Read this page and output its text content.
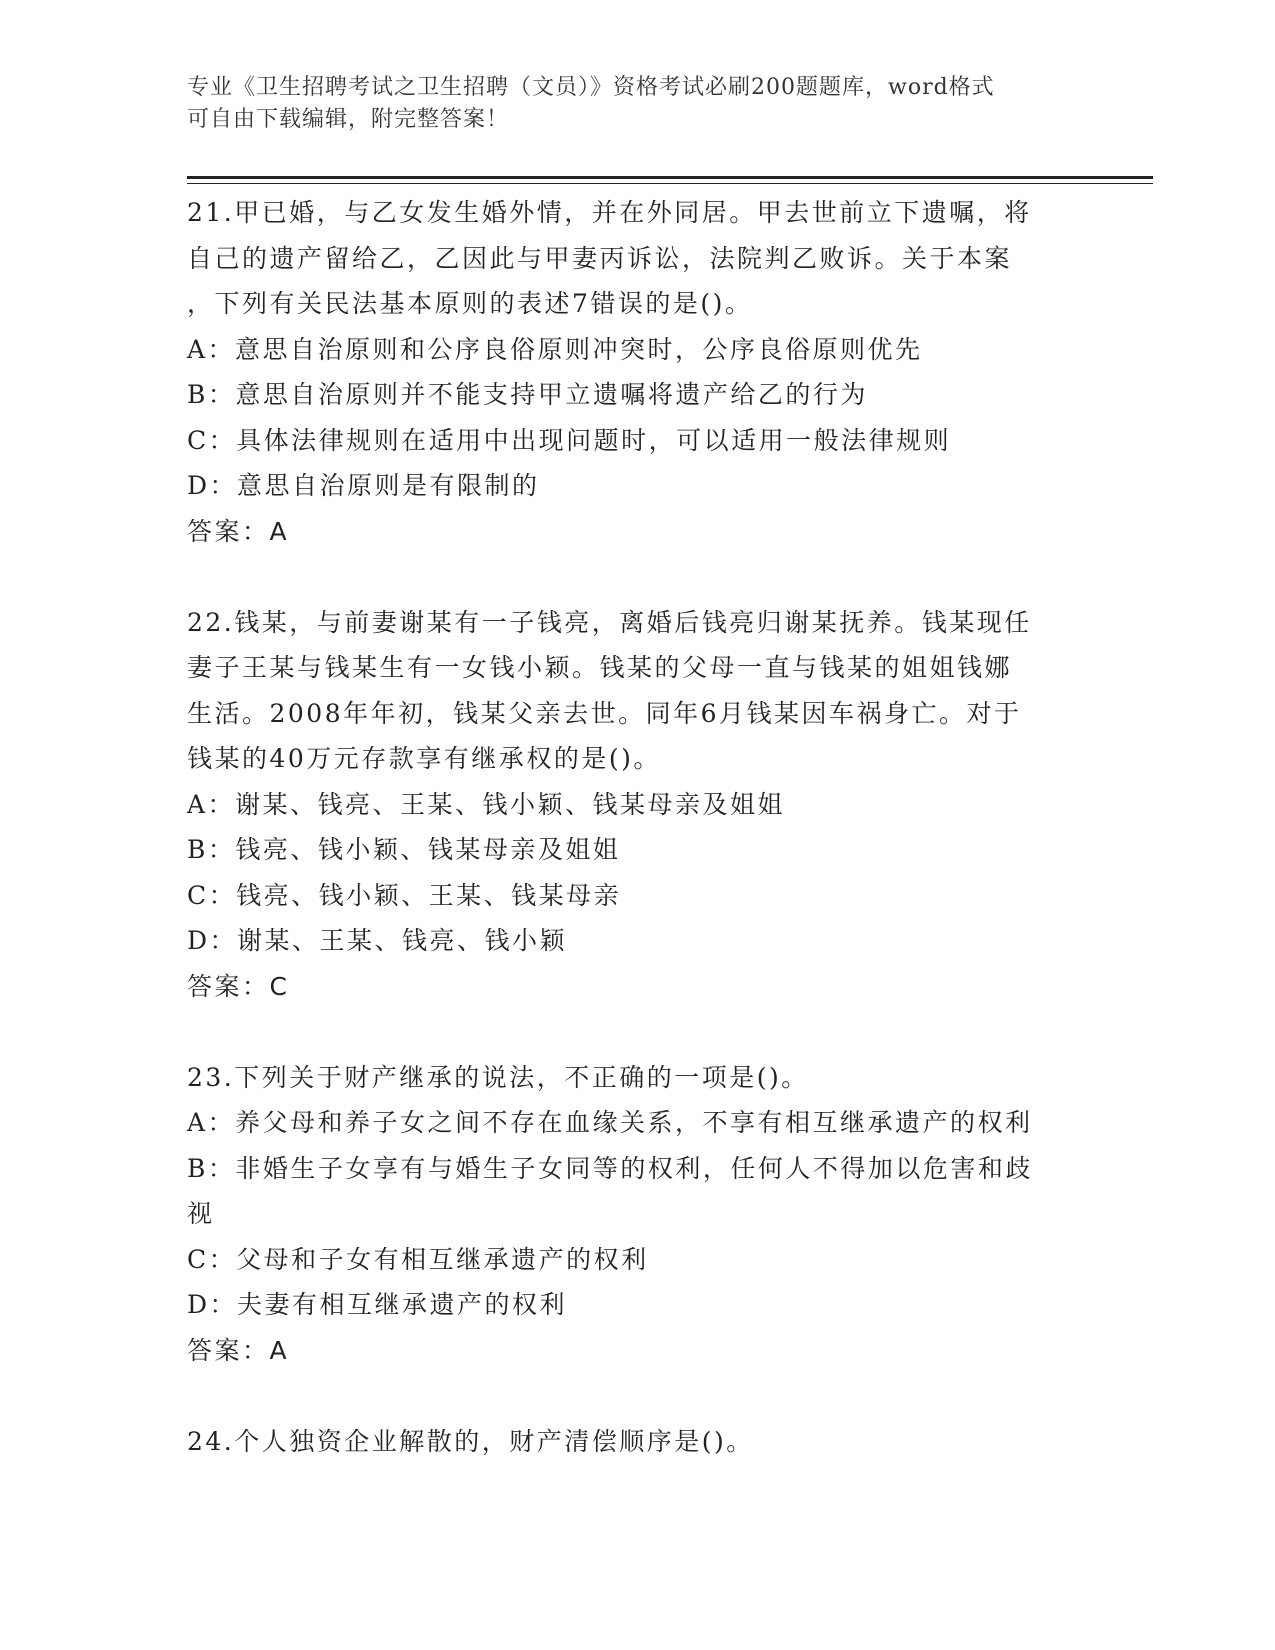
专业《卫生招聘考试之卫生招聘（文员）》资格考试必刷200题题库，word格式
可自由下载编辑，附完整答案！
21.甲已婚，与乙女发生婚外情，并在外同居。甲去世前立下遗嘱，将
自己的遗产留给乙，乙因此与甲妻丙诉讼，法院判乙败诉。关于本案
，下列有关民法基本原则的表述7错误的是()。
A：意思自治原则和公序良俗原则冲突时，公序良俗原则优先
B：意思自治原则并不能支持甲立遗嘱将遗产给乙的行为
C：具体法律规则在适用中出现问题时，可以适用一般法律规则
D：意思自治原则是有限制的
答案：A
22.钱某，与前妻谢某有一子钱亮，离婚后钱亮归谢某抚养。钱某现任
妻子王某与钱某生有一女钱小颖。钱某的父母一直与钱某的姐姐钱娜
生活。2008年年初，钱某父亲去世。同年6月钱某因车祸身亡。对于
钱某的40万元存款享有继承权的是()。
A：谢某、钱亮、王某、钱小颖、钱某母亲及姐姐
B：钱亮、钱小颖、钱某母亲及姐姐
C：钱亮、钱小颖、王某、钱某母亲
D：谢某、王某、钱亮、钱小颖
答案：C
23.下列关于财产继承的说法，不正确的一项是()。
A：养父母和养子女之间不存在血缘关系，不享有相互继承遗产的权利
B：非婚生子女享有与婚生子女同等的权利，任何人不得加以危害和歧
视
C：父母和子女有相互继承遗产的权利
D：夫妻有相互继承遗产的权利
答案：A
24.个人独资企业解散的，财产清偿顺序是()。
